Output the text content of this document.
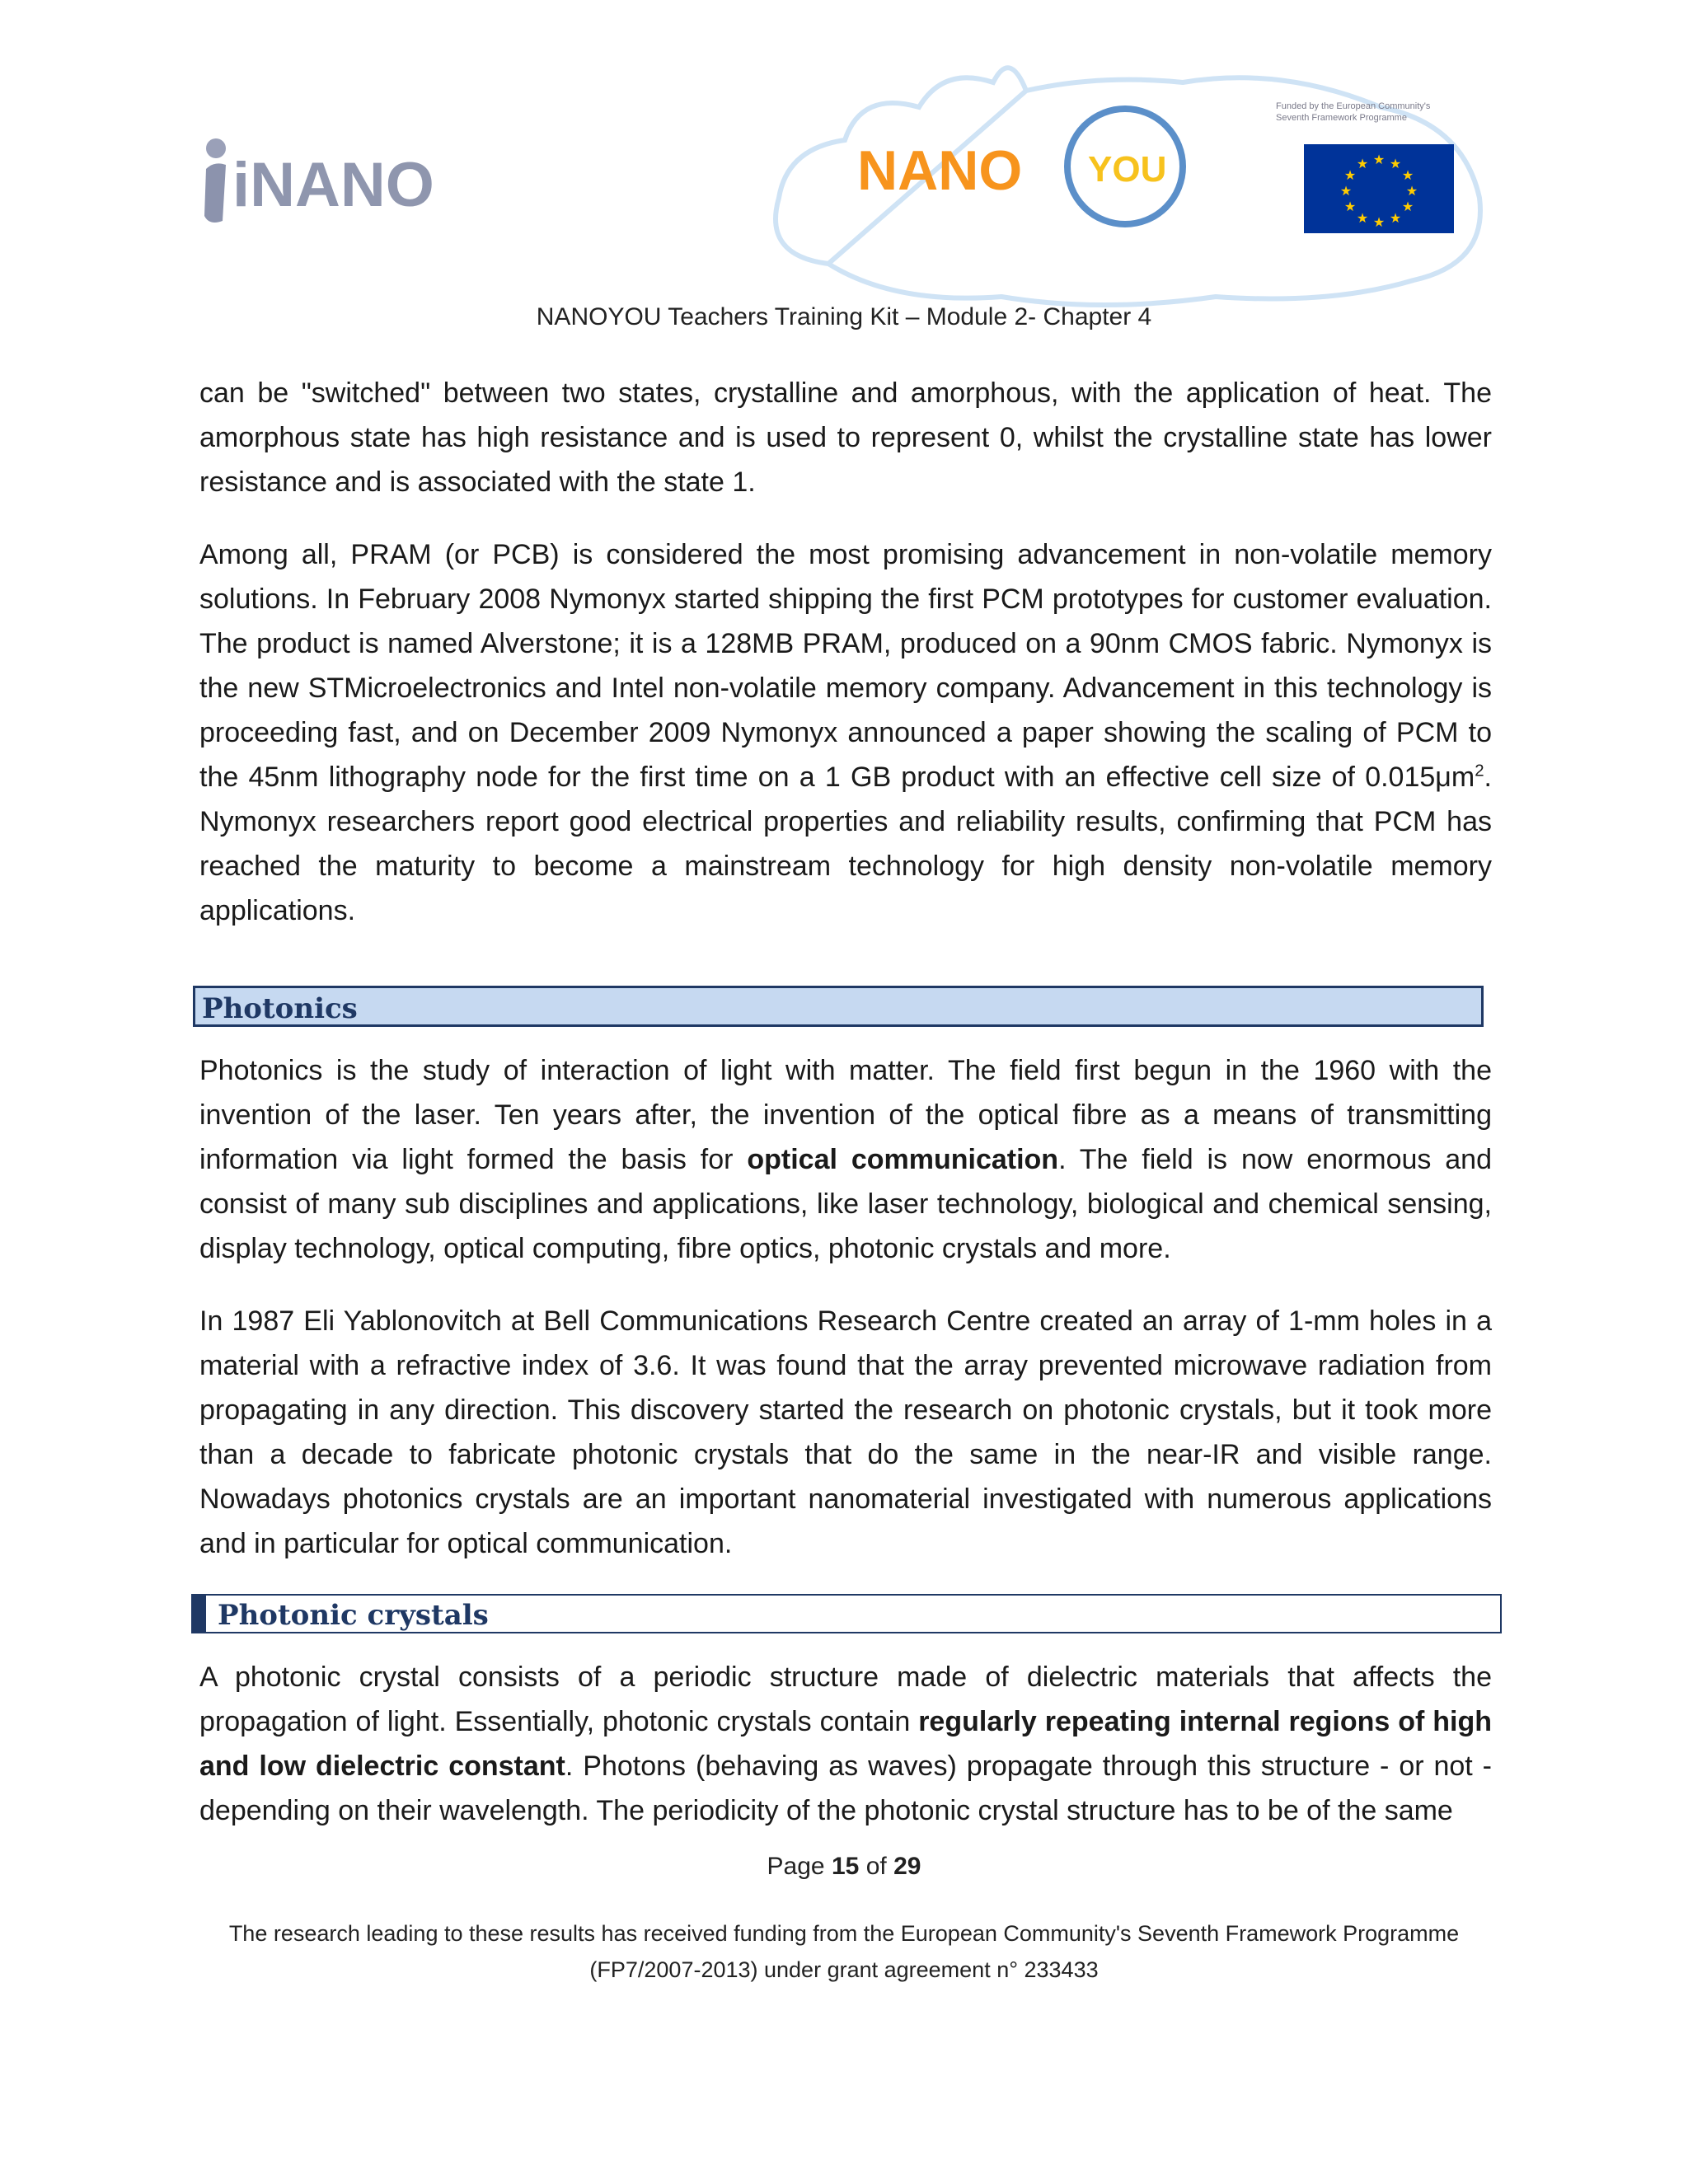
iNANO	NANO YOU
Funded by the European Community's
Seventh Framework Programme
★ ★
★
★
★
★
★
★
★
★
★
★
NANOYOU Teachers Training Kit – Module 2- Chapter 4

can be "switched" between two states, crystalline and amorphous, with the application of heat. The amorphous state has high resistance and is used to represent 0, whilst the crystalline state has lower resistance and is associated with the state 1.

Among all, PRAM (or PCB) is considered the most promising advancement in non-volatile memory solutions. In February 2008 Nymonyx started shipping the first PCM prototypes for customer evaluation. The product is named Alverstone; it is a 128MB PRAM, produced on a 90nm CMOS fabric. Nymonyx is the new STMicroelectronics and Intel non-volatile memory company. Advancement in this technology is proceeding fast, and on December 2009 Nymonyx announced a paper showing the scaling of PCM to the 45nm lithography node for the first time on a 1 GB product with an effective cell size of $0.015\mu m^2$. Nymonyx researchers report good electrical properties and reliability results, confirming that PCM has reached the maturity to become a mainstream technology for high density non-volatile memory applications.

Photonics

Photonics is the study of interaction of light with matter. The field first begun in the 1960 with the invention of the laser. Ten years after, the invention of the optical fibre as a means of transmitting information via light formed the basis for optical communication. The field is now enormous and consist of many sub disciplines and applications, like laser technology, biological and chemical sensing, display technology, optical computing, fibre optics, photonic crystals and more.

In 1987 Eli Yablonovitch at Bell Communications Research Centre created an array of 1-mm holes in a material with a refractive index of 3.6. It was found that the array prevented microwave radiation from propagating in any direction. This discovery started the research on photonic crystals, but it took more than a decade to fabricate photonic crystals that do the same in the near-IR and visible range. Nowadays photonics crystals are an important nanomaterial investigated with numerous applications and in particular for optical communication.

Photonic crystals

A photonic crystal consists of a periodic structure made of dielectric materials that affects the propagation of light. Essentially, photonic crystals contain regularly repeating internal regions of high and low dielectric constant. Photons (behaving as waves) propagate through this structure - or not - depending on their wavelength. The periodicity of the photonic crystal structure has to be of the same

Page 15 of 29
The research leading to these results has received funding from the European Community's Seventh Framework Programme
(FP7/2007-2013) under grant agreement n° 233433
